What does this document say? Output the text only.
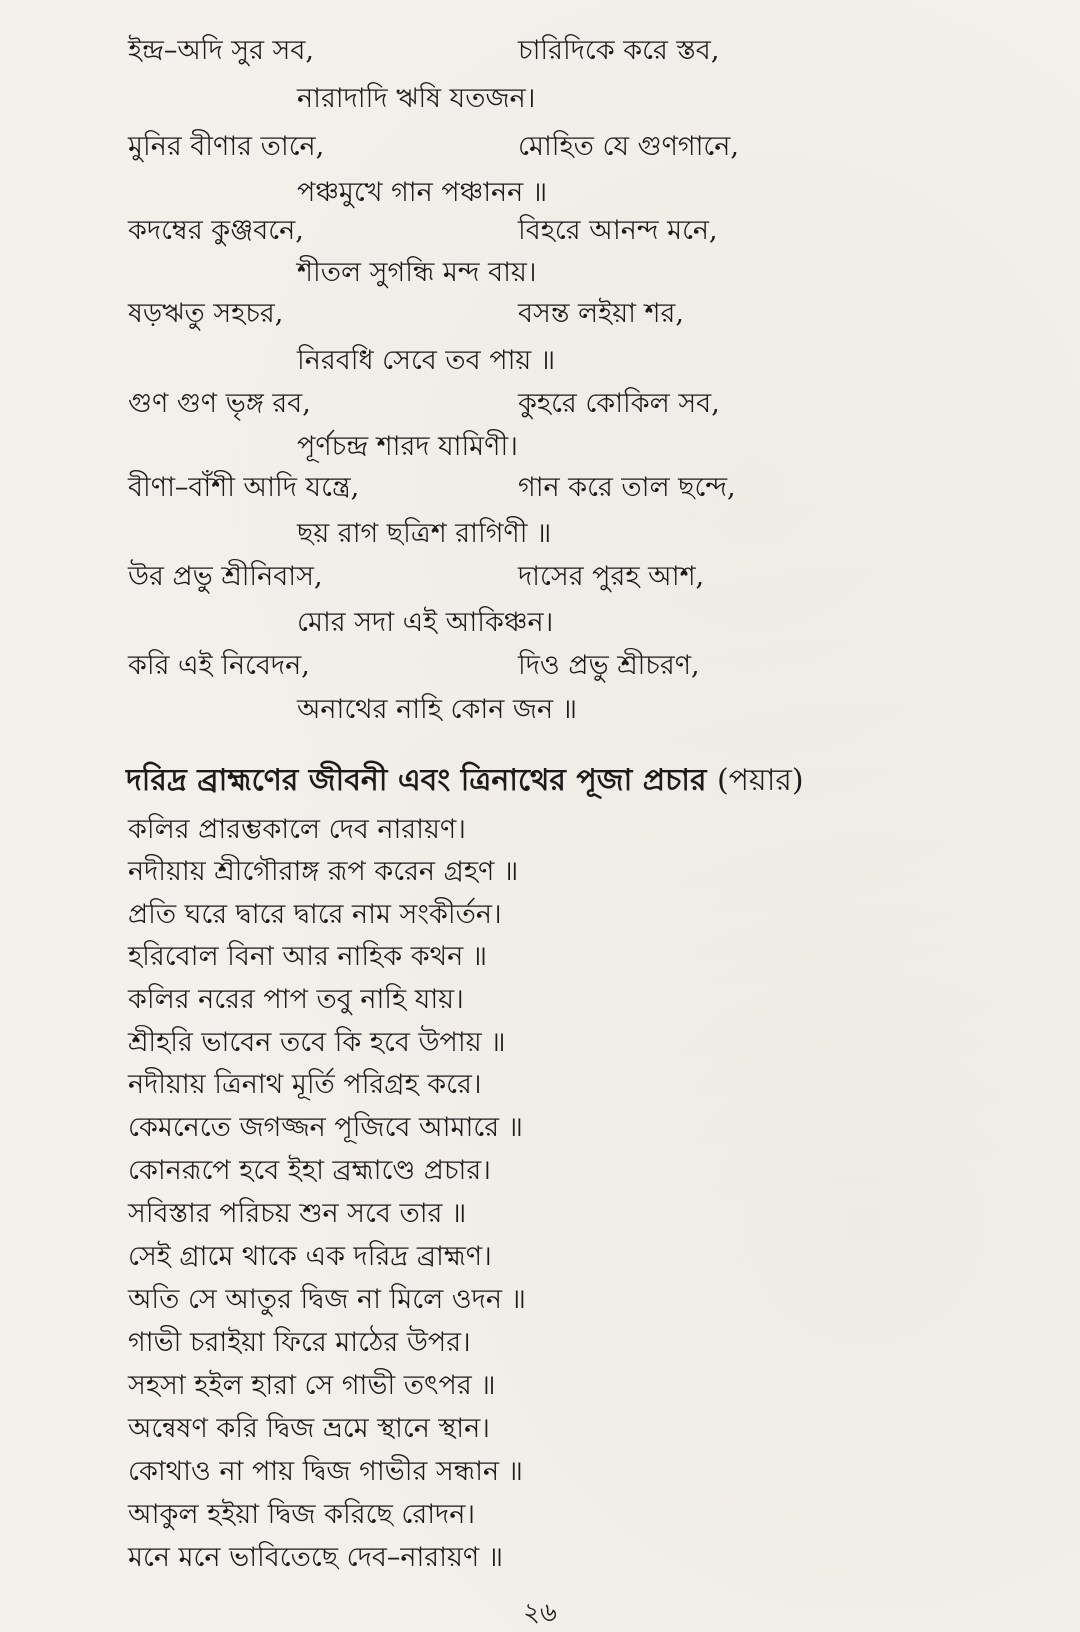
ইন্দ্র–অদি সুর সব,	চারিদিকে করে স্তব,
নারাদাদি ঋষি যতজন।
মুনির বীণার তানে,	মোহিত যে গুণগানে,
পঞ্চমুখে গান পঞ্চানন ॥
কদম্বের কুঞ্জবনে,	বিহরে আনন্দ মনে,
শীতল সুগন্ধি মন্দ বায়।
ষড়ঋতু সহচর,	বসন্ত লইয়া শর,
নিরবধি সেবে তব পায় ॥
গুণ গুণ ভৃঙ্গ রব,	কুহরে কোকিল সব,
পূর্ণচন্দ্র শারদ যামিণী।
বীণা–বাঁশী আদি যন্ত্রে,	গান করে তাল ছন্দে,
ছয় রাগ ছত্রিশ রাগিণী ॥
উর প্রভু শ্রীনিবাস,	দাসের পুরহ আশ,
মোর সদা এই আকিঞ্চন।
করি এই নিবেদন,	দিও প্রভু শ্রীচরণ,
অনাথের নাহি কোন জন ॥
দরিদ্র ব্রাহ্মণের জীবনী এবং ত্রিনাথের পূজা প্রচার (পয়ার)
কলির প্রারম্ভকালে দেব নারায়ণ।
নদীয়ায় শ্রীগৌরাঙ্গ রূপ করেন গ্রহণ ॥
প্রতি ঘরে দ্বারে দ্বারে নাম সংকীর্তন।
হরিবোল বিনা আর নাহিক কথন ॥
কলির নরের পাপ তবু নাহি যায়।
শ্রীহরি ভাবেন তবে কি হবে উপায় ॥
নদীয়ায় ত্রিনাথ মূর্তি পরিগ্রহ করে।
কেমনেতে জগজ্জন পূজিবে আমারে ॥
কোনরূপে হবে ইহা ব্রহ্মাণ্ডে প্রচার।
সবিস্তার পরিচয় শুন সবে তার ॥
সেই গ্রামে থাকে এক দরিদ্র ব্রাহ্মণ।
অতি সে আতুর দ্বিজ না মিলে ওদন ॥
গাভী চরাইয়া ফিরে মাঠের উপর।
সহসা হইল হারা সে গাভী তৎপর ॥
অন্বেষণ করি দ্বিজ ভ্রমে স্থানে স্থান।
কোথাও না পায় দ্বিজ গাভীর সন্ধান ॥
আকুল হইয়া দ্বিজ করিছে রোদন।
মনে মনে ভাবিতেছে দেব–নারায়ণ ॥
২৬
